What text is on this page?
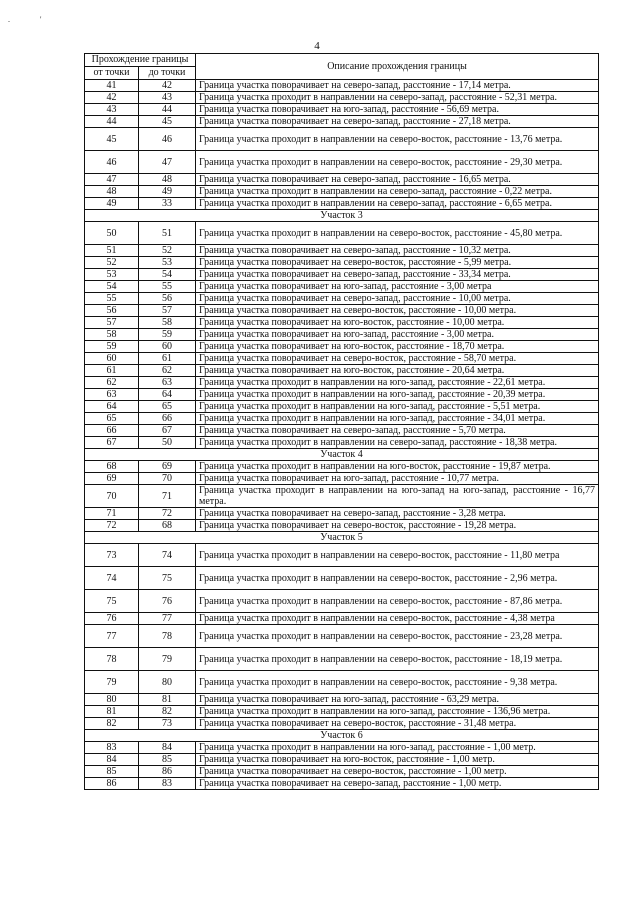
.	'
4
Прохождение границы		Описание прохождения границы
от точки	до точки	
41	42	Граница участка поворачивает на северо-запад, расстояние - 17,14 метра.
42	43	Граница участка проходит в направлении на северо-запад, расстояние - 52,31 метра.
43	44	Граница участка поворачивает на юго-запад, расстояние - 56,69 метра.
44	45	Граница участка поворачивает на северо-запад, расстояние - 27,18 метра.
45	46	Граница участка проходит в направлении на северо-восток, расстояние - 13,76 метра.
46	47	Граница участка проходит в направлении на северо-восток, расстояние - 29,30 метра.
47	48	Граница участка поворачивает на северо-запад, расстояние - 16,65 метра.
48	49	Граница участка проходит в направлении на северо-запад, расстояние - 0,22 метра.
49	33	Граница участка проходит в направлении на северо-запад, расстояние - 6,65 метра.
Участок 3		
50	51	Граница участка проходит в направлении на северо-восток, расстояние - 45,80 метра.
51	52	Граница участка поворачивает на северо-запад, расстояние - 10,32 метра.
52	53	Граница участка поворачивает на северо-восток, расстояние - 5,99 метра.
53	54	Граница участка поворачивает на северо-запад, расстояние - 33,34 метра.
54	55	Граница участка поворачивает на юго-запад, расстояние - 3,00 метра
55	56	Граница участка поворачивает на северо-запад, расстояние - 10,00 метра.
56	57	Граница участка поворачивает на северо-восток, расстояние - 10,00 метра.
57	58	Граница участка поворачивает на юго-восток, расстояние - 10,00 метра.
58	59	Граница участка поворачивает на юго-запад, расстояние - 3,00 метра.
59	60	Граница участка поворачивает на юго-восток, расстояние - 18,70 метра.
60	61	Граница участка поворачивает на северо-восток, расстояние - 58,70 метра.
61	62	Граница участка поворачивает на юго-восток, расстояние - 20,64 метра.
62	63	Граница участка проходит в направлении на юго-запад, расстояние - 22,61 метра.
63	64	Граница участка проходит в направлении на юго-запад, расстояние - 20,39 метра.
64	65	Граница участка проходит в направлении на юго-запад, расстояние - 5,51 метра.
65	66	Граница участка проходит в направлении на юго-запад, расстояние - 34,01 метра.
66	67	Граница участка поворачивает на северо-запад, расстояние - 5,70 метра.
67	50	Граница участка проходит в направлении на северо-запад, расстояние - 18,38 метра.
Участок 4		
68	69	Граница участка проходит в направлении на юго-восток, расстояние - 19,87 метра.
69	70	Граница участка поворачивает на юго-запад, расстояние - 10,77 метра.
70	71	Граница участка проходит в направлении на юго-запад на юго-запад, расстояние - 16,77 метра.
71	72	Граница участка поворачивает на северо-запад, расстояние - 3,28 метра.
72	68	Граница участка поворачивает на северо-восток, расстояние - 19,28 метра.
Участок 5		
73	74	Граница участка проходит в направлении на северо-восток, расстояние - 11,80 метра
74	75	Граница участка проходит в направлении на северо-восток, расстояние - 2,96 метра.
75	76	Граница участка проходит в направлении на северо-восток, расстояние - 87,86 метра.
76	77	Граница участка проходит в направлении на северо-восток, расстояние - 4,38 метра
77	78	Граница участка проходит в направлении на северо-восток, расстояние - 23,28 метра.
78	79	Граница участка проходит в направлении на северо-восток, расстояние - 18,19 метра.
79	80	Граница участка проходит в направлении на северо-восток, расстояние - 9,38 метра.
80	81	Граница участка поворачивает на юго-запад, расстояние - 63,29 метра.
81	82	Граница участка проходит в направлении на юго-запад, расстояние - 136,96 метра.
82	73	Граница участка поворачивает на северо-восток, расстояние - 31,48 метра.
Участок 6		
83	84	Граница участка проходит в направлении на юго-запад, расстояние - 1,00 метр.
84	85	Граница участка поворачивает на юго-восток, расстояние - 1,00 метр.
85	86	Граница участка поворачивает на северо-восток, расстояние - 1,00 метр.
86	83	Граница участка поворачивает на северо-запад, расстояние - 1,00 метр.
